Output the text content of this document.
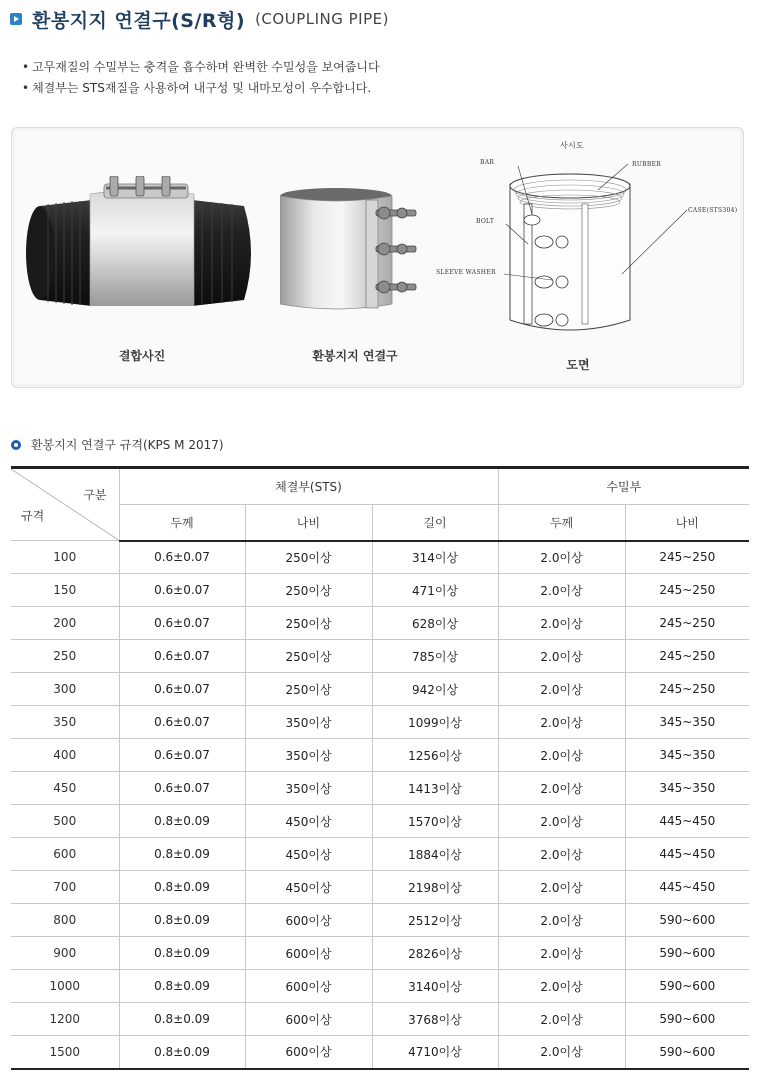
환봉지지 연결구(S/R형) (COUPLING PIPE)
• 고무재질의 수밀부는 충격을 흡수하며 완벽한 수밀성을 보여줍니다
• 체결부는 STS재질을 사용하여 내구성 및 내마모성이 우수합니다.
결합사진	환봉지지 연결구
사시도
RUBBER
BAR
BOLT
CASE(STS304)
SLEEVE WASHER
도면
환봉지지 연결구 규격(KPS M 2017)
구분
규격	체결부(STS)			수밀부	
	두께	나비	길이	두께	나비
100	0.6±0.07	250이상	314이상	2.0이상	245~250
150	0.6±0.07	250이상	471이상	2.0이상	245~250
200	0.6±0.07	250이상	628이상	2.0이상	245~250
250	0.6±0.07	250이상	785이상	2.0이상	245~250
300	0.6±0.07	250이상	942이상	2.0이상	245~250
350	0.6±0.07	350이상	1099이상	2.0이상	345~350
400	0.6±0.07	350이상	1256이상	2.0이상	345~350
450	0.6±0.07	350이상	1413이상	2.0이상	345~350
500	0.8±0.09	450이상	1570이상	2.0이상	445~450
600	0.8±0.09	450이상	1884이상	2.0이상	445~450
700	0.8±0.09	450이상	2198이상	2.0이상	445~450
800	0.8±0.09	600이상	2512이상	2.0이상	590~600
900	0.8±0.09	600이상	2826이상	2.0이상	590~600
1000	0.8±0.09	600이상	3140이상	2.0이상	590~600
1200	0.8±0.09	600이상	3768이상	2.0이상	590~600
1500	0.8±0.09	600이상	4710이상	2.0이상	590~600
